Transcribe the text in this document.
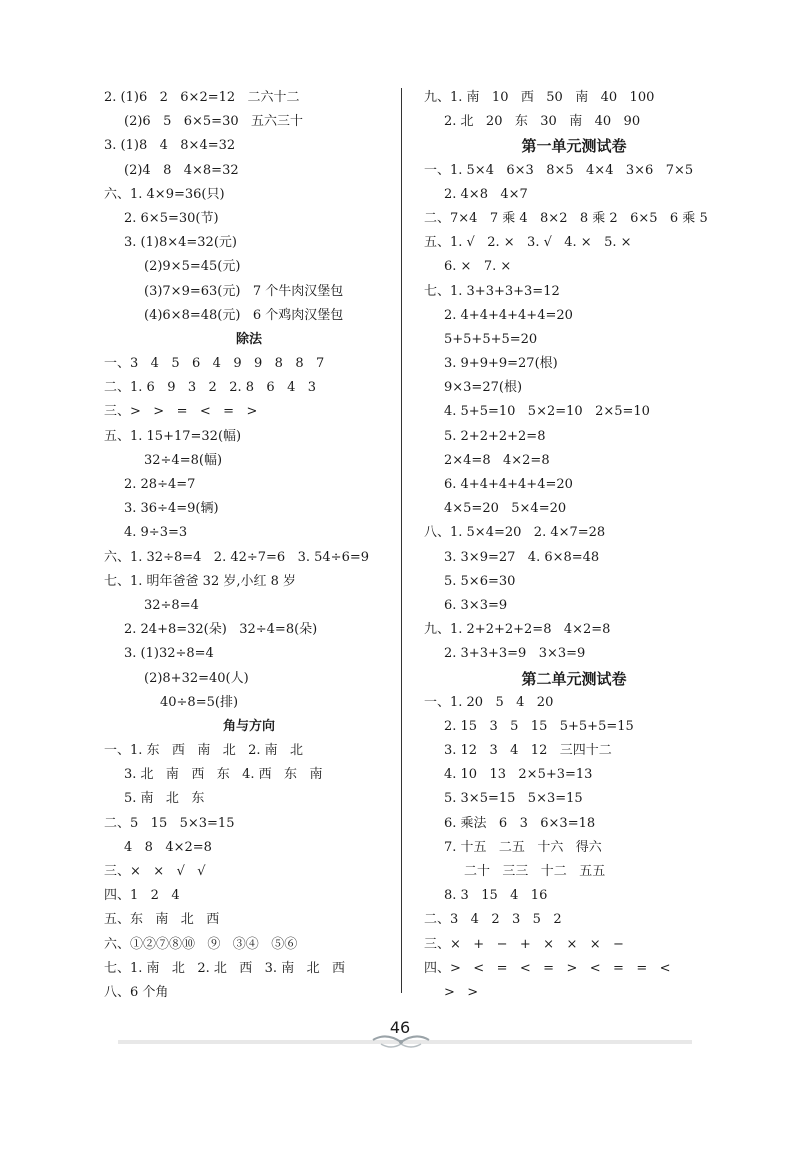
2. (1)6   2   6×2=12   二六十二
(2)6   5   6×5=30   五六三十
3. (1)8   4   8×4=32
(2)4   8   4×8=32
六、1. 4×9=36(只)
2. 6×5=30(节)
3. (1)8×4=32(元)
(2)9×5=45(元)
(3)7×9=63(元)   7 个牛肉汉堡包
(4)6×8=48(元)   6 个鸡肉汉堡包
除法
一、3   4   5   6   4   9   9   8   8   7
二、1. 6   9   3   2   2. 8   6   4   3
三、>   >   =   <   =   >
五、1. 15+17=32(幅)
32÷4=8(幅)
2. 28÷4=7
3. 36÷4=9(辆)
4. 9÷3=3
六、1. 32÷8=4   2. 42÷7=6   3. 54÷6=9
七、1. 明年爸爸 32 岁,小红 8 岁
32÷8=4
2. 24+8=32(朵)   32÷4=8(朵)
3. (1)32÷8=4
(2)8+32=40(人)
40÷8=5(排)
角与方向
一、1. 东   西   南   北   2. 南   北
3. 北   南   西   东   4. 西   东   南
5. 南   北   东
二、5   15   5×3=15
4   8   4×2=8
三、×   ×   √   √
四、1   2   4
五、东   南   北   西
六、①②⑦⑧⑩   ⑨   ③④   ⑤⑥
七、1. 南   北   2. 北   西   3. 南   北   西
八、6 个角
九、1. 南   10   西   50   南   40   100
2. 北   20   东   30   南   40   90
第一单元测试卷
一、1. 5×4   6×3   8×5   4×4   3×6   7×5
2. 4×8   4×7
二、7×4   7 乘 4   8×2   8 乘 2   6×5   6 乘 5
五、1. √   2. ×   3. √   4. ×   5. ×
6. ×   7. ×
七、1. 3+3+3+3=12
2. 4+4+4+4+4=20
5+5+5+5=20
3. 9+9+9=27(根)
9×3=27(根)
4. 5+5=10   5×2=10   2×5=10
5. 2+2+2+2=8
2×4=8   4×2=8
6. 4+4+4+4+4=20
4×5=20   5×4=20
八、1. 5×4=20   2. 4×7=28
3. 3×9=27   4. 6×8=48
5. 5×6=30
6. 3×3=9
九、1. 2+2+2+2=8   4×2=8
2. 3+3+3=9   3×3=9
第二单元测试卷
一、1. 20   5   4   20
2. 15   3   5   15   5+5+5=15
3. 12   3   4   12   三四十二
4. 10   13   2×5+3=13
5. 3×5=15   5×3=15
6. 乘法   6   3   6×3=18
7. 十五   二五   十六   得六
二十   三三   十二   五五
8. 3   15   4   16
二、3   4   2   3   5   2
三、×   +   −   +   ×   ×   ×   −
四、>   <   =   <   =   >   <   =   =   <
>   >
46
